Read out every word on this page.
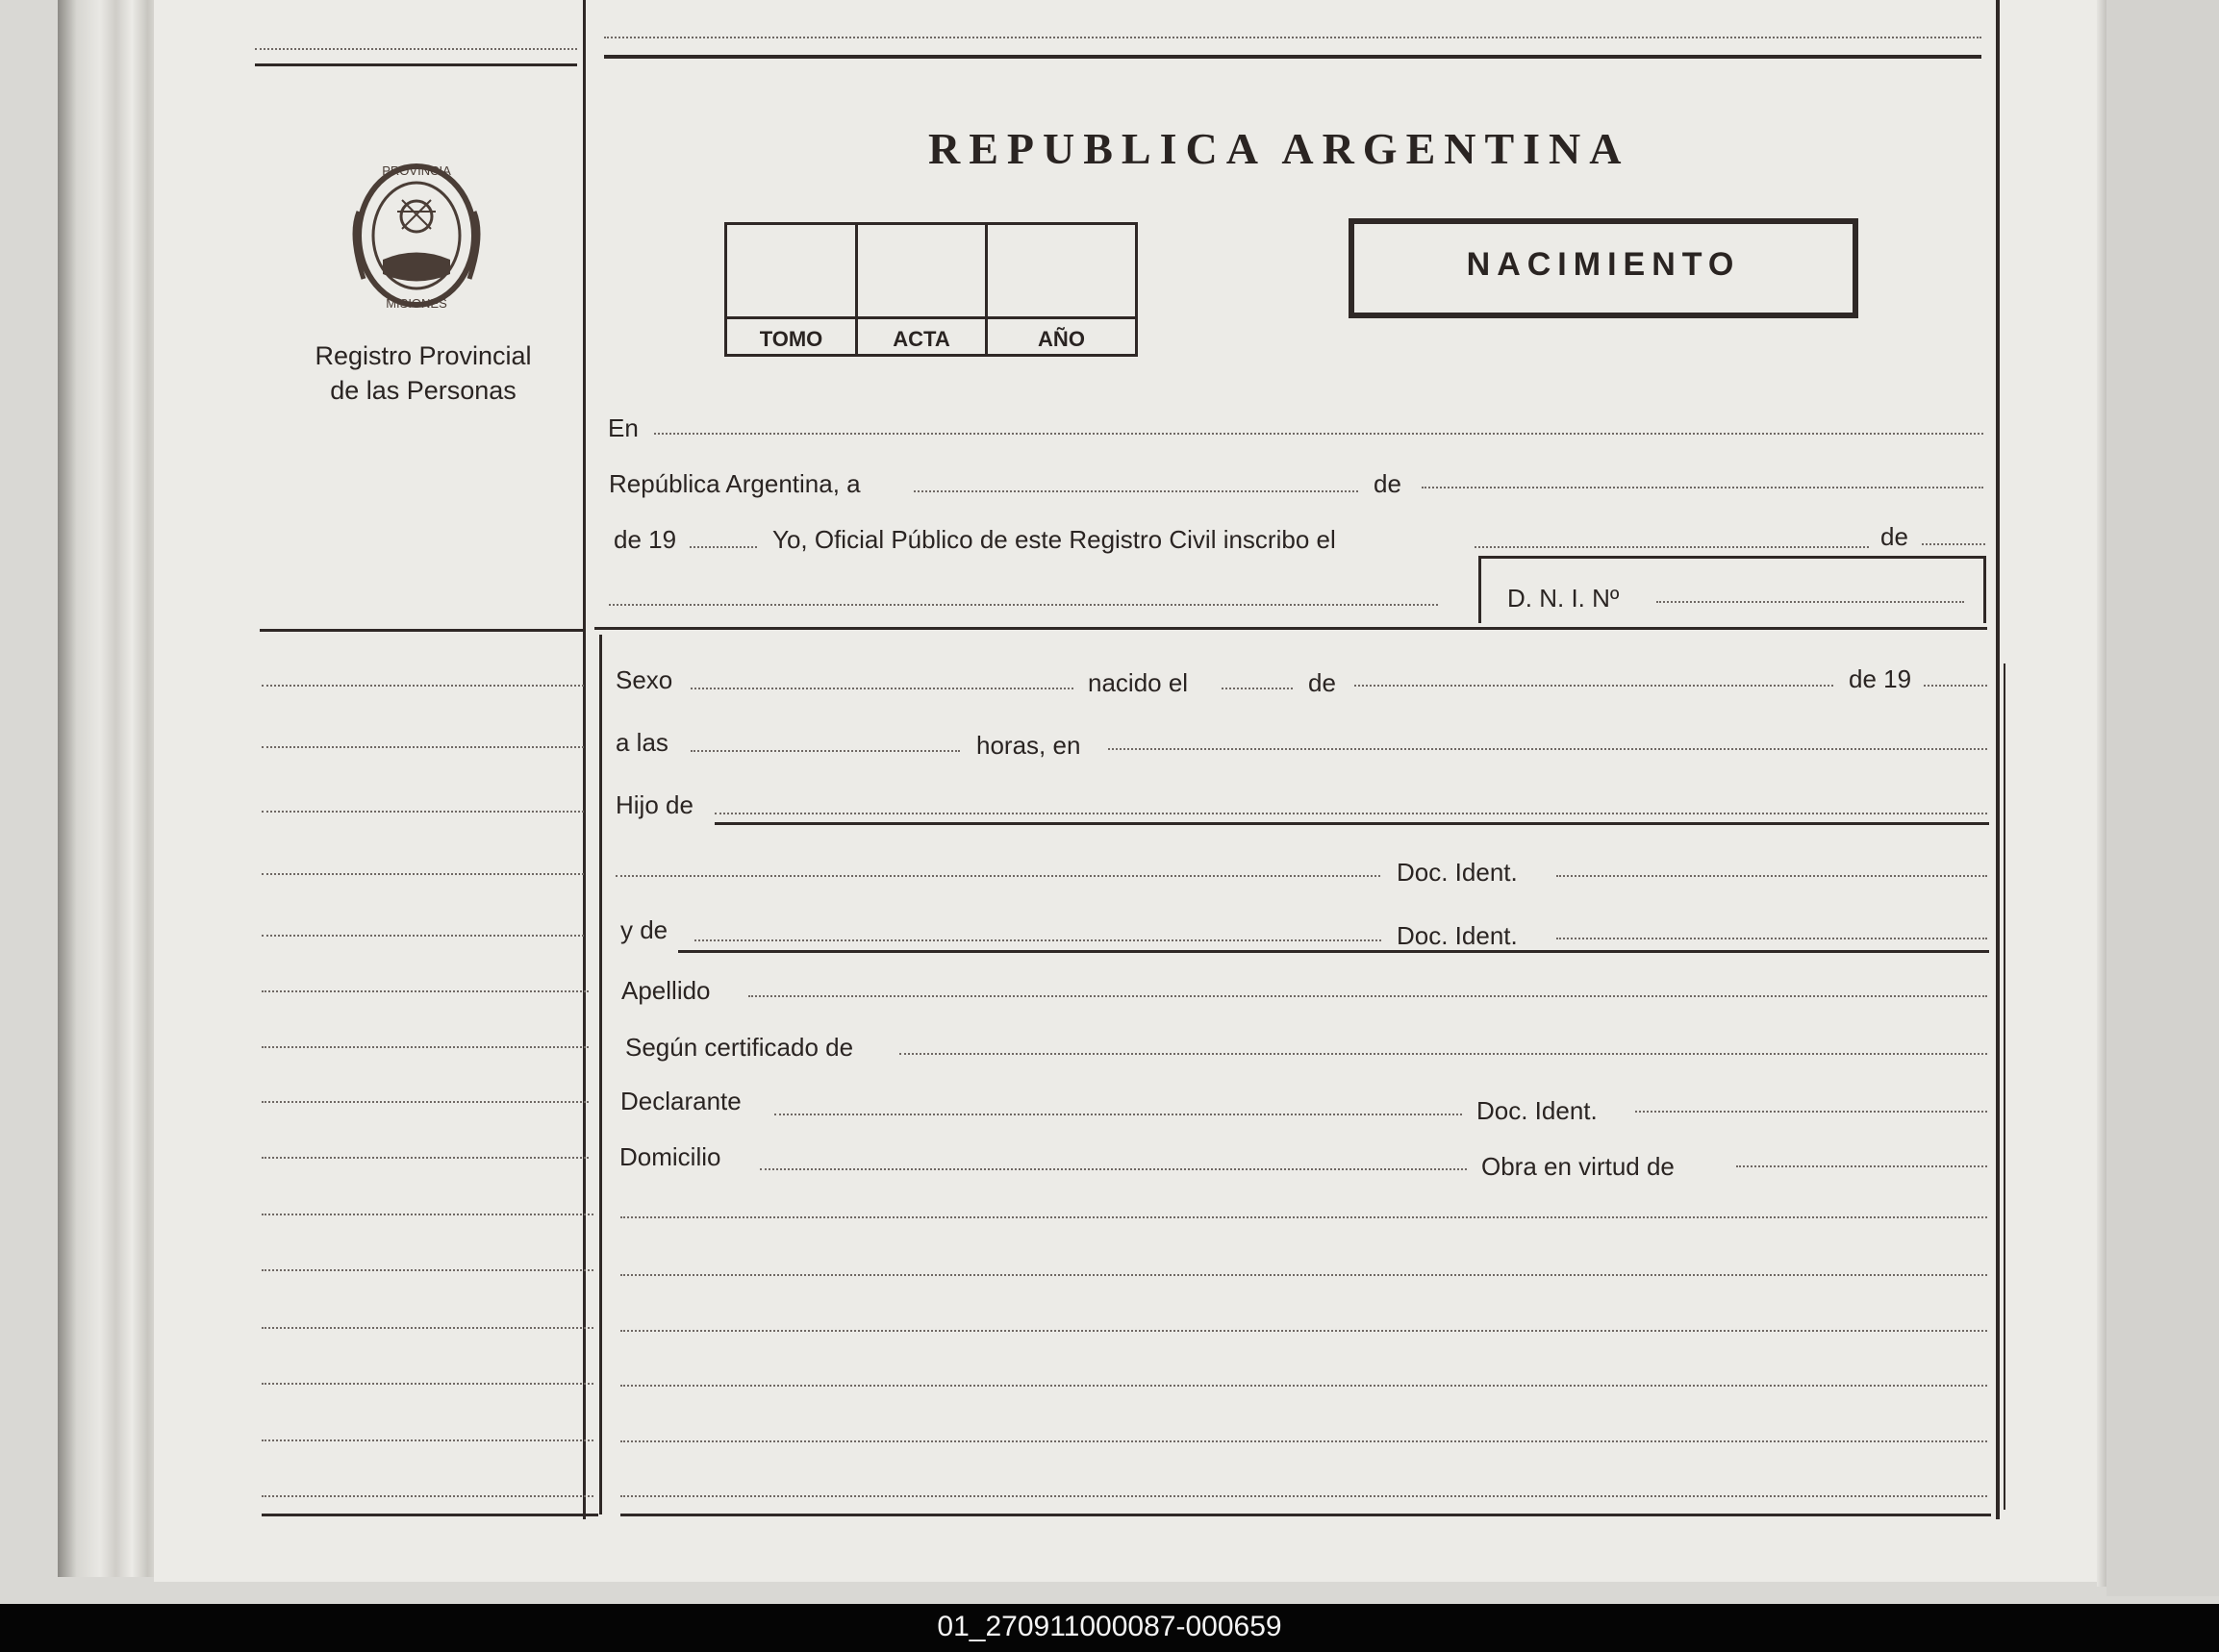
PROVINCIA
MISIONES
Registro Provincial
de las Personas
REPUBLICA ARGENTINA
TOMO	ACTA	AÑO
NACIMIENTO
En
República Argentina, a	de
de 19	Yo, Oficial Público de este Registro Civil inscribo el	de
D. N. I. Nº
Sexo	nacido el	de	de 19
a las	horas, en
Hijo de
Doc. Ident.
y de	Doc. Ident.
Apellido
Según certificado de
Declarante	Doc. Ident.
Domicilio	Obra en virtud de
01_270911000087-000659
